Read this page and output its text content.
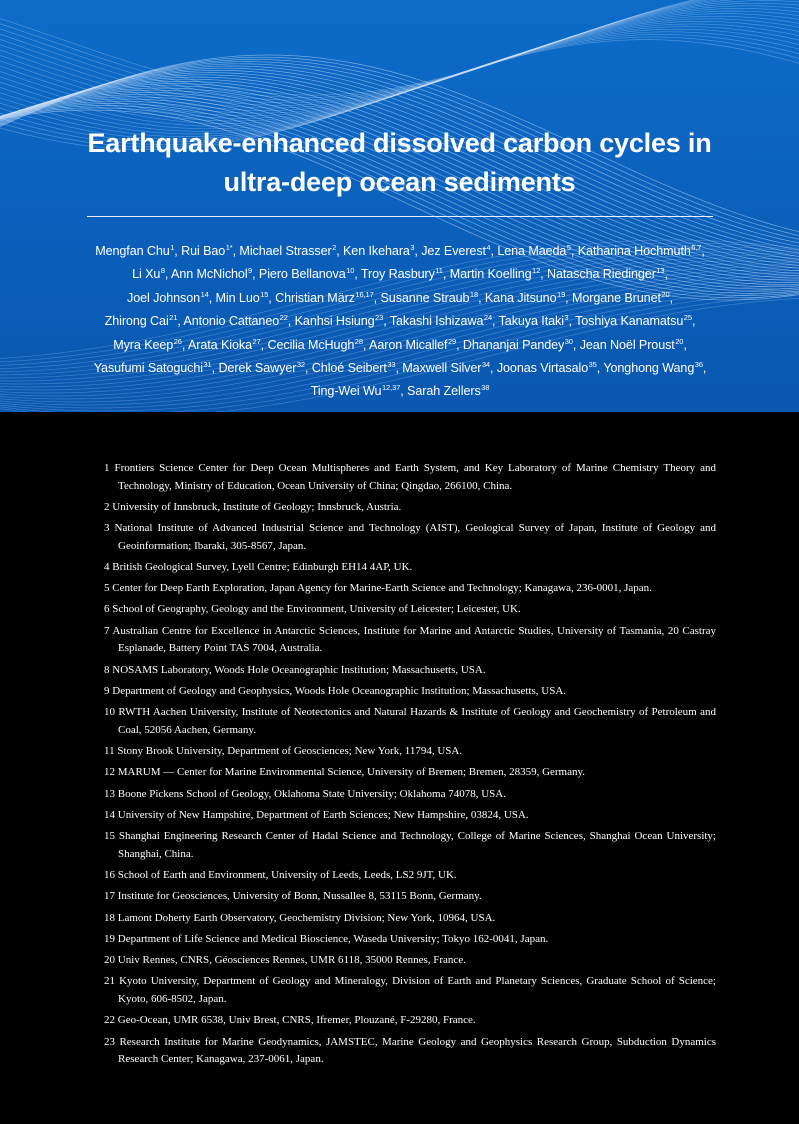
Earthquake-enhanced dissolved carbon cycles in
ultra-deep ocean sediments

Mengfan Chu$^1$, Rui Bao$^{1*}$, Michael Strasser$^2$, Ken Ikehara$^3$, Jez Everest$^4$, Lena Maeda$^5$, Katharina Hochmuth$^{6,7}$, Li Xu$^8$, Ann McNichol$^9$, Piero Bellanova$^{10}$, Troy Rasbury$^{11}$, Martin Koelling$^{12}$, Natascha Riedinger$^{13}$, Joel Johnson$^{14}$, Min Luo$^{15}$, Christian März$^{16,17}$, Susanne Straub$^{18}$, Kana Jitsuno$^{19}$, Morgane Brunet$^{20}$, Zhirong Cai$^{21}$, Antonio Cattaneo$^{22}$, Kanhsi Hsiung$^{23}$, Takashi Ishizawa$^{24}$, Takuya Itaki$^3$, Toshiya Kanamatsu$^{25}$, Myra Keep$^{26}$, Arata Kioka$^{27}$, Cecilia McHugh$^{28}$, Aaron Micallef$^{29}$, Dhananjai Pandey$^{30}$, Jean Noël Proust$^{20}$, Yasufumi Satoguchi$^{31}$, Derek Sawyer$^{32}$, Chloé Seibert$^{33}$, Maxwell Silver$^{34}$, Joonas Virtasalo$^{35}$, Yonghong Wang$^{36}$, Ting-Wei Wu$^{12,37}$, Sarah Zellers$^{38}$

1 Frontiers Science Center for Deep Ocean Multispheres and Earth System, and Key Laboratory of Marine Chemistry Theory and Technology, Ministry of Education, Ocean University of China; Qingdao, 266100, China.
2 University of Innsbruck, Institute of Geology; Innsbruck, Austria.
3 National Institute of Advanced Industrial Science and Technology (AIST), Geological Survey of Japan, Institute of Geology and Geoinformation; Ibaraki, 305-8567, Japan.
4 British Geological Survey, Lyell Centre; Edinburgh EH14 4AP, UK.
5 Center for Deep Earth Exploration, Japan Agency for Marine-Earth Science and Technology; Kanagawa, 236-0001, Japan.
6 School of Geography, Geology and the Environment, University of Leicester; Leicester, UK.
7 Australian Centre for Excellence in Antarctic Sciences, Institute for Marine and Antarctic Studies, University of Tasmania, 20 Castray Esplanade, Battery Point TAS 7004, Australia.
8 NOSAMS Laboratory, Woods Hole Oceanographic Institution; Massachusetts, USA.
9 Department of Geology and Geophysics, Woods Hole Oceanographic Institution; Massachusetts, USA.
10 RWTH Aachen University, Institute of Neotectonics and Natural Hazards & Institute of Geology and Geochemistry of Petroleum and Coal, 52056 Aachen, Germany.
11 Stony Brook University, Department of Geosciences; New York, 11794, USA.
12 MARUM — Center for Marine Environmental Science, University of Bremen; Bremen, 28359, Germany.
13 Boone Pickens School of Geology, Oklahoma State University; Oklahoma 74078, USA.
14 University of New Hampshire, Department of Earth Sciences; New Hampshire, 03824, USA.
15 Shanghai Engineering Research Center of Hadal Science and Technology, College of Marine Sciences, Shanghai Ocean University; Shanghai, China.
16 School of Earth and Environment, University of Leeds, Leeds, LS2 9JT, UK.
17 Institute for Geosciences, University of Bonn, Nussallee 8, 53115 Bonn, Germany.
18 Lamont Doherty Earth Observatory, Geochemistry Division; New York, 10964, USA.
19 Department of Life Science and Medical Bioscience, Waseda University; Tokyo 162-0041, Japan.
20 Univ Rennes, CNRS, Géosciences Rennes, UMR 6118, 35000 Rennes, France.
21 Kyoto University, Department of Geology and Mineralogy, Division of Earth and Planetary Sciences, Graduate School of Science; Kyoto, 606-8502, Japan.
22 Geo-Ocean, UMR 6538, Univ Brest, CNRS, Ifremer, Plouzané, F-29280, France.
23 Research Institute for Marine Geodynamics, JAMSTEC, Marine Geology and Geophysics Research Group, Subduction Dynamics Research Center; Kanagawa, 237-0061, Japan.
